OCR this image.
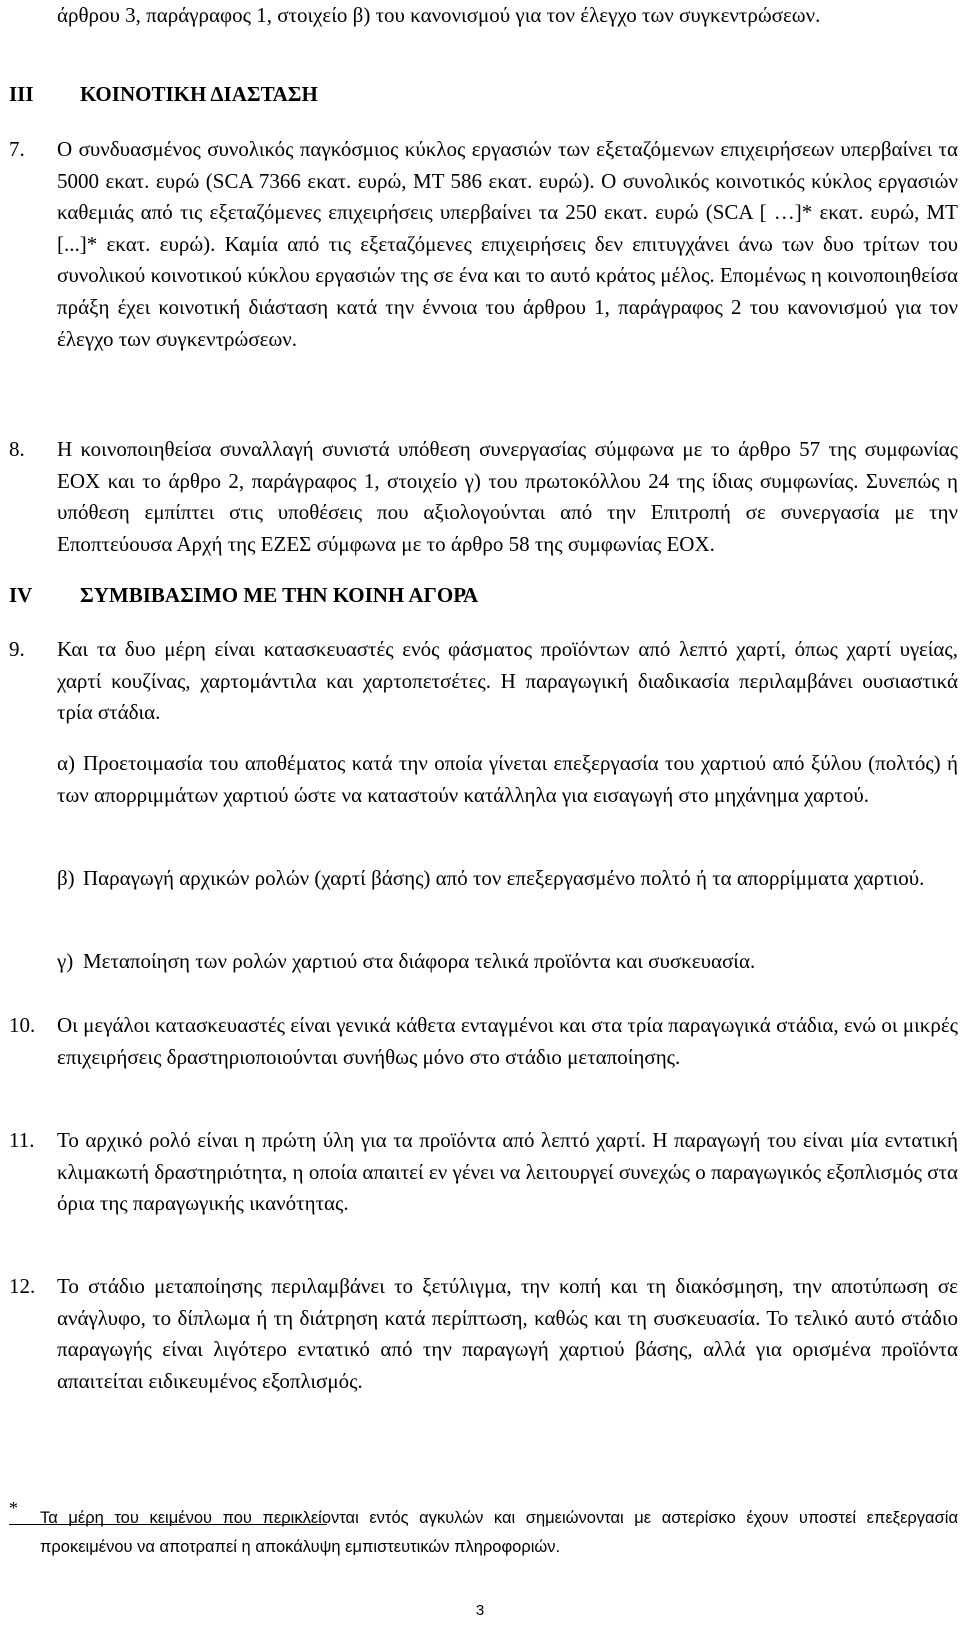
άρθρου 3, παράγραφος 1, στοιχείο β) του κανονισμού για τον έλεγχο των συγκεντρώσεων.
III ΚΟΙΝΟΤΙΚΗ ΔΙΑΣΤΑΣΗ
7. Ο συνδυασμένος συνολικός παγκόσμιος κύκλος εργασιών των εξεταζόμενων επιχειρήσεων υπερβαίνει τα 5000 εκατ. ευρώ (SCA 7366 εκατ. ευρώ, MT 586 εκατ. ευρώ). Ο συνολικός κοινοτικός κύκλος εργασιών καθεμιάς από τις εξεταζόμενες επιχειρήσεις υπερβαίνει τα 250 εκατ. ευρώ (SCA [ …]* εκατ. ευρώ, MT [...]* εκατ. ευρώ). Καμία από τις εξεταζόμενες επιχειρήσεις δεν επιτυγχάνει άνω των δυο τρίτων του συνολικού κοινοτικού κύκλου εργασιών της σε ένα και το αυτό κράτος μέλος. Επομένως η κοινοποιηθείσα πράξη έχει κοινοτική διάσταση κατά την έννοια του άρθρου 1, παράγραφος 2 του κανονισμού για τον έλεγχο των συγκεντρώσεων.
8. Η κοινοποιηθείσα συναλλαγή συνιστά υπόθεση συνεργασίας σύμφωνα με το άρθρο 57 της συμφωνίας ΕΟΧ και το άρθρο 2, παράγραφος 1, στοιχείο γ) του πρωτοκόλλου 24 της ίδιας συμφωνίας. Συνεπώς η υπόθεση εμπίπτει στις υποθέσεις που αξιολογούνται από την Επιτροπή σε συνεργασία με την Εποπτεύουσα Αρχή της ΕΖΕΣ σύμφωνα με το άρθρο 58 της συμφωνίας ΕΟΧ.
IV ΣΥΜΒΙΒΑΣΙΜΟ ΜΕ ΤΗΝ ΚΟΙΝΗ ΑΓΟΡΑ
9. Και τα δυο μέρη είναι κατασκευαστές ενός φάσματος προϊόντων από λεπτό χαρτί, όπως χαρτί υγείας, χαρτί κουζίνας, χαρτομάντιλα και χαρτοπετσέτες. Η παραγωγική διαδικασία περιλαμβάνει ουσιαστικά τρία στάδια.
α) Προετοιμασία του αποθέματος κατά την οποία γίνεται επεξεργασία του χαρτιού από ξύλου (πολτός) ή των απορριμμάτων χαρτιού ώστε να καταστούν κατάλληλα για εισαγωγή στο μηχάνημα χαρτού.
β) Παραγωγή αρχικών ρολών (χαρτί βάσης) από τον επεξεργασμένο πολτό ή τα απορρίμματα χαρτιού.
γ) Μεταποίηση των ρολών χαρτιού στα διάφορα τελικά προϊόντα και συσκευασία.
10. Οι μεγάλοι κατασκευαστές είναι γενικά κάθετα ενταγμένοι και στα τρία παραγωγικά στάδια, ενώ οι μικρές επιχειρήσεις δραστηριοποιούνται συνήθως μόνο στο στάδιο μεταποίησης.
11. Το αρχικό ρολό είναι η πρώτη ύλη για τα προϊόντα από λεπτό χαρτί. Η παραγωγή του είναι μία εντατική κλιμακωτή δραστηριότητα, η οποία απαιτεί εν γένει να λειτουργεί συνεχώς ο παραγωγικός εξοπλισμός στα όρια της παραγωγικής ικανότητας.
12. Το στάδιο μεταποίησης περιλαμβάνει το ξετύλιγμα, την κοπή και τη διακόσμηση, την αποτύπωση σε ανάγλυφο, το δίπλωμα ή τη διάτρηση κατά περίπτωση, καθώς και τη συσκευασία. Το τελικό αυτό στάδιο παραγωγής είναι λιγότερο εντατικό από την παραγωγή χαρτιού βάσης, αλλά για ορισμένα προϊόντα απαιτείται ειδικευμένος εξοπλισμός.
* Τα μέρη του κειμένου που περικλείονται εντός αγκυλών και σημειώνονται με αστερίσκο έχουν υποστεί επεξεργασία προκειμένου να αποτραπεί η αποκάλυψη εμπιστευτικών πληροφοριών.
3
